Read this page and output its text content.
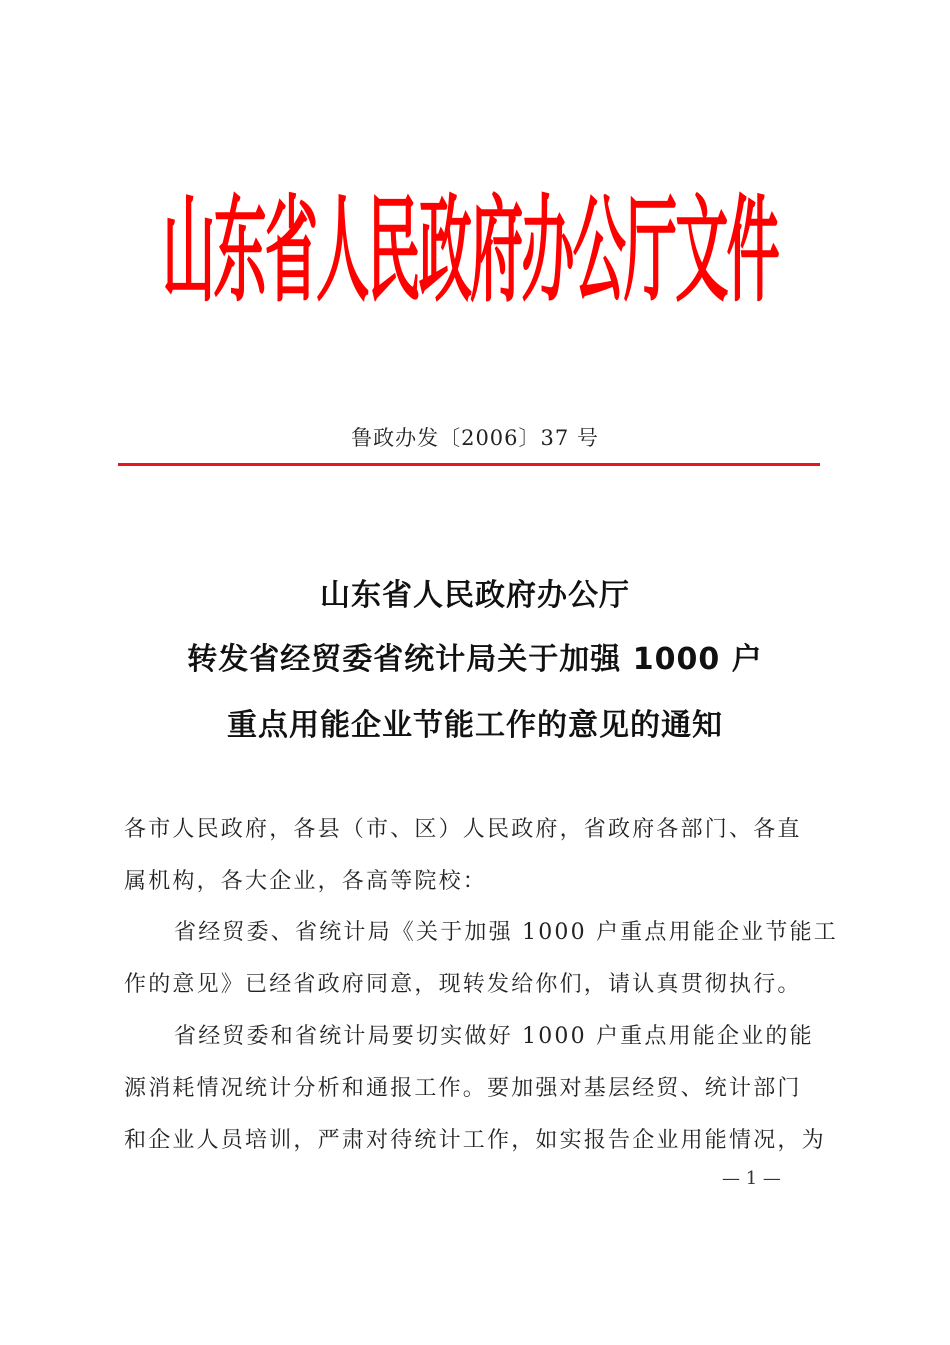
山东省人民政府办公厅文件
鲁政办发〔2006〕37 号
山东省人民政府办公厅
转发省经贸委省统计局关于加强 1000 户
重点用能企业节能工作的意见的通知
各市人民政府，各县（市、区）人民政府，省政府各部门、各直
属机构，各大企业，各高等院校：
省经贸委、省统计局《关于加强 1000 户重点用能企业节能工
作的意见》已经省政府同意，现转发给你们，请认真贯彻执行。
省经贸委和省统计局要切实做好 1000 户重点用能企业的能
源消耗情况统计分析和通报工作。要加强对基层经贸、统计部门
和企业人员培训，严肃对待统计工作，如实报告企业用能情况，为
— 1 —
